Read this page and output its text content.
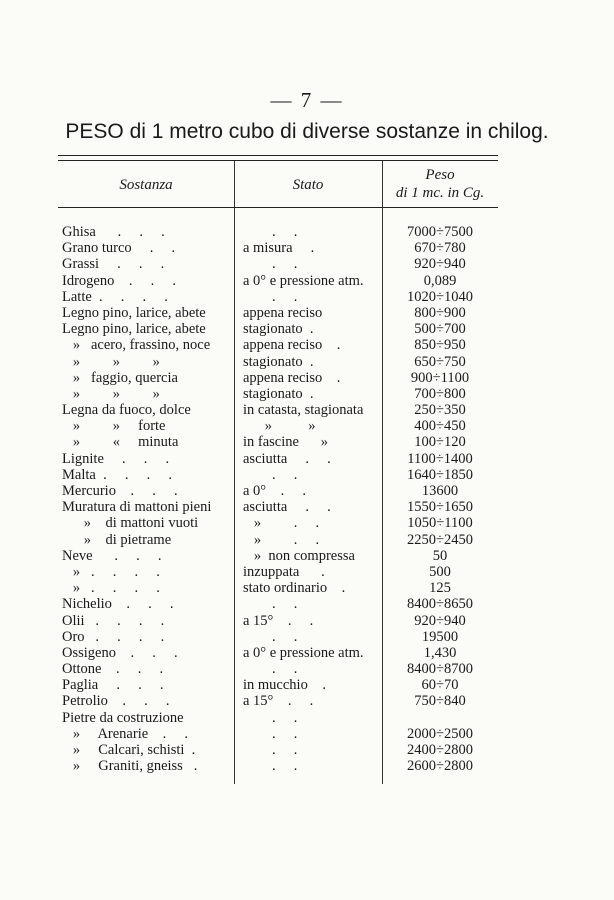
— 7 —
PESO di 1 metro cubo di diverse sostanze in chilog.
Sostanza	Stato
Peso
di 1 mc. in Cg.
Ghisa      .     .     .	.     .	7000÷7500
Grano turco     .     .	a misura     .	670÷780
Grassi     .     .     .	.     .	920÷940
Idrogeno    .     .     .	a 0° e pressione atm.	0,089
Latte  .     .     .     .	.     .	1020÷1040
Legno pino, larice, abete	appena reciso	800÷900
Legno pino, larice, abete	stagionato  .	500÷700
»   acero, frassino, noce	appena reciso    .	850÷950
»         »         »	stagionato  .	650÷750
»   faggio, quercia	appena reciso    .	900÷1100
»         »         »	stagionato  .	700÷800
Legna da fuoco, dolce	in catasta, stagionata	250÷350
»         »     forte	»          »	400÷450
»         «     minuta	in fascine      »	100÷120
Lignite     .     .     .	asciutta     .     .	1100÷1400
Malta  .     .     .     .	.     .	1640÷1850
Mercurio    .     .     .	a 0°    .     .	13600
Muratura di mattoni pieni	asciutta     .     .	1550÷1650
»    di mattoni vuoti	»         .     .	1050÷1100
»    di pietrame	»         .     .	2250÷2450
Neve      .     .     .	»  non compressa	50
»   .     .     .     .	inzuppata      .	500
»   .     .     .     .	stato ordinario    .	125
Nichelio    .     .     .	.     .	8400÷8650
Olii   .     .     .     .	a 15°    .     .	920÷940
Oro   .     .     .     .	.     .	19500
Ossigeno    .     .     .	a 0° e pressione atm.	1,430
Ottone    .     .     .	.     .	8400÷8700
Paglia     .     .     .	in mucchio    .	60÷70
Petrolio    .     .     .	a 15°    .     .	750÷840
Pietre da costruzione	.     .
»     Arenarie    .     .	.     .	2000÷2500
»     Calcari, schisti  .	.     .	2400÷2800
»     Graniti, gneiss   .	.     .	2600÷2800
